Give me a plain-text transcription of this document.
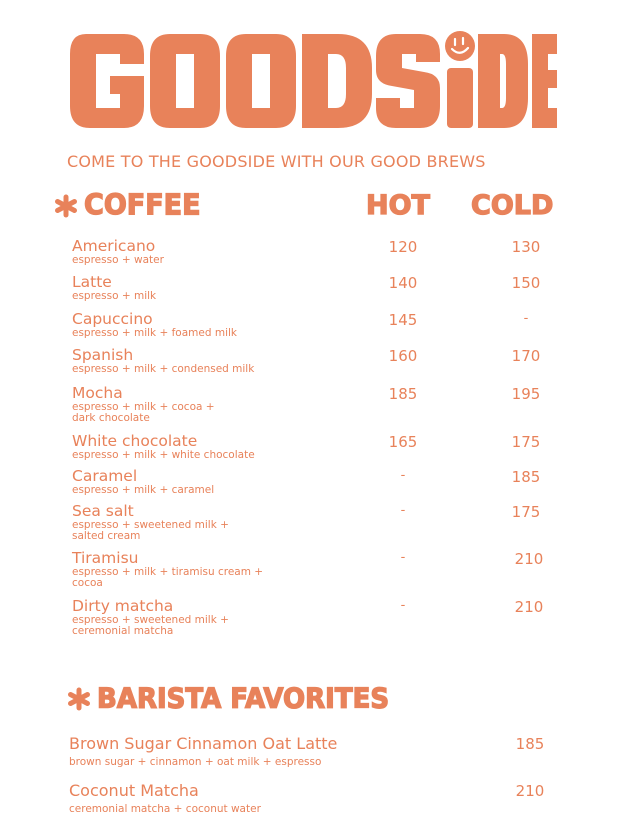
COME TO THE GOODSIDE WITH OUR GOOD BREWS
COFFEE	HOT COLD
Americano
espresso + water
120	130
Latte
espresso + milk
140	150
Capuccino
espresso + milk + foamed milk
145	-
Spanish
espresso + milk + condensed milk
160	170
Mocha
espresso + milk + cocoa + dark chocolate
185	195
White chocolate
espresso + milk + white chocolate
165	175
Caramel
espresso + milk + caramel
-	185
Sea salt
espresso + sweetened milk + salted cream
-	175
Tiramisu
espresso + milk + tiramisu cream + cocoa
-	210
Dirty matcha
espresso + sweetened milk + ceremonial matcha
-	210
BARISTA FAVORITES
Brown Sugar Cinnamon Oat Latte
brown sugar + cinnamon + oat milk + espresso
185
Coconut Matcha
ceremonial matcha + coconut water
210
